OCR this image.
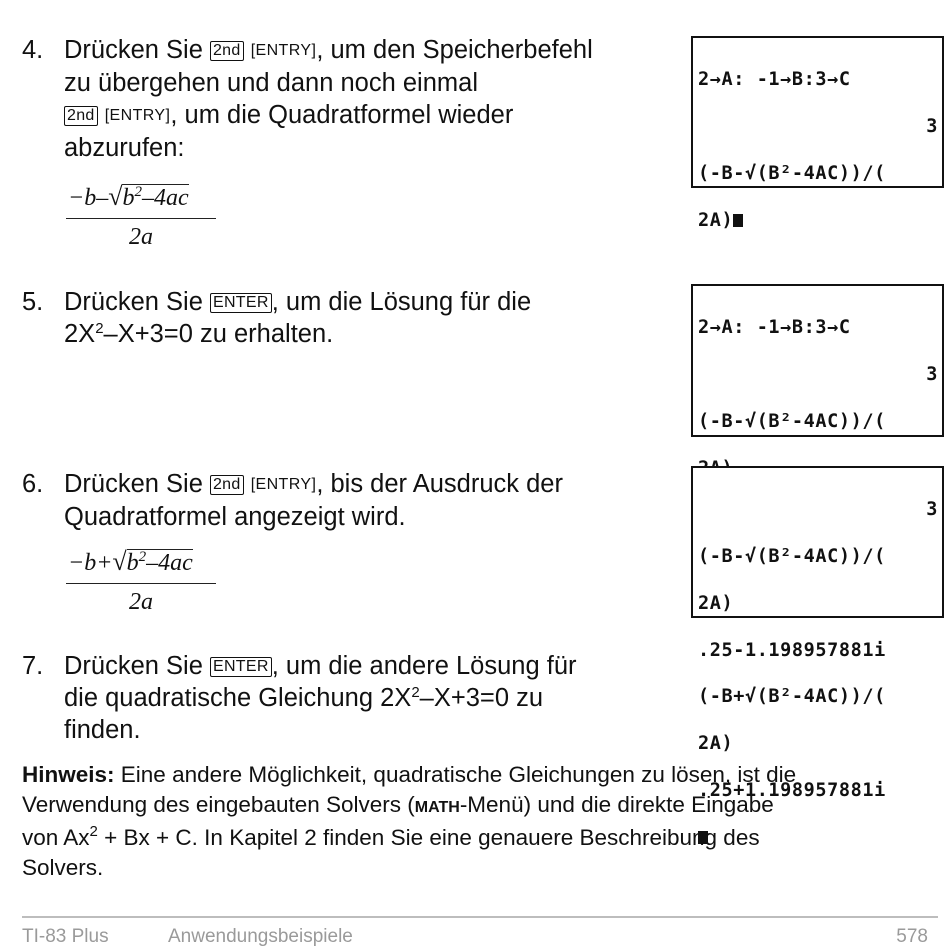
4. Drücken Sie 2nd [ENTRY], um den Speicherbefehl
zu übergehen und dann noch einmal
2nd [ENTRY], um die Quadratformel wieder
abzurufen:
$\frac{-b-√b^2-4ac}{2a}$
5. Drücken Sie ENTER , um die Lösung für die
$2X^2-X+3=0$ zu erhalten.
6. Drücken Sie 2nd [ENTRY], bis der Ausdruck der
Quadratformel angezeigt wird.
$\frac{-b+√b^2-4ac}{2a}$
7. Drücken Sie ENTER , um die andere Lösung für
die quadratische Gleichung $2X^2-X+3=0$ zu
finden.

2→A: -1→B:3→C

3

(-B-√(B²-4AC))/(

2A)

2→A: -1→B:3→C

3

(-B-√(B²-4AC))/(

3

(-B-√(B²-4AC))/(

2A)

.25-1.198957881i

(-B+√(B²-4AC))/(

2A)

.25+1.198957881i

Hinweis: Eine andere Möglichkeit, quadratische Gleichungen zu lösen, ist die
Verwendung des eingebauten Solvers (MATH-Menü) und die direkte Eingabe
von $Ax^2 + Bx + C$. In Kapitel 2 finden Sie eine genauere Beschreibung des
Solvers.
TI-83 Plus	Anwendungsbeispiele	578
